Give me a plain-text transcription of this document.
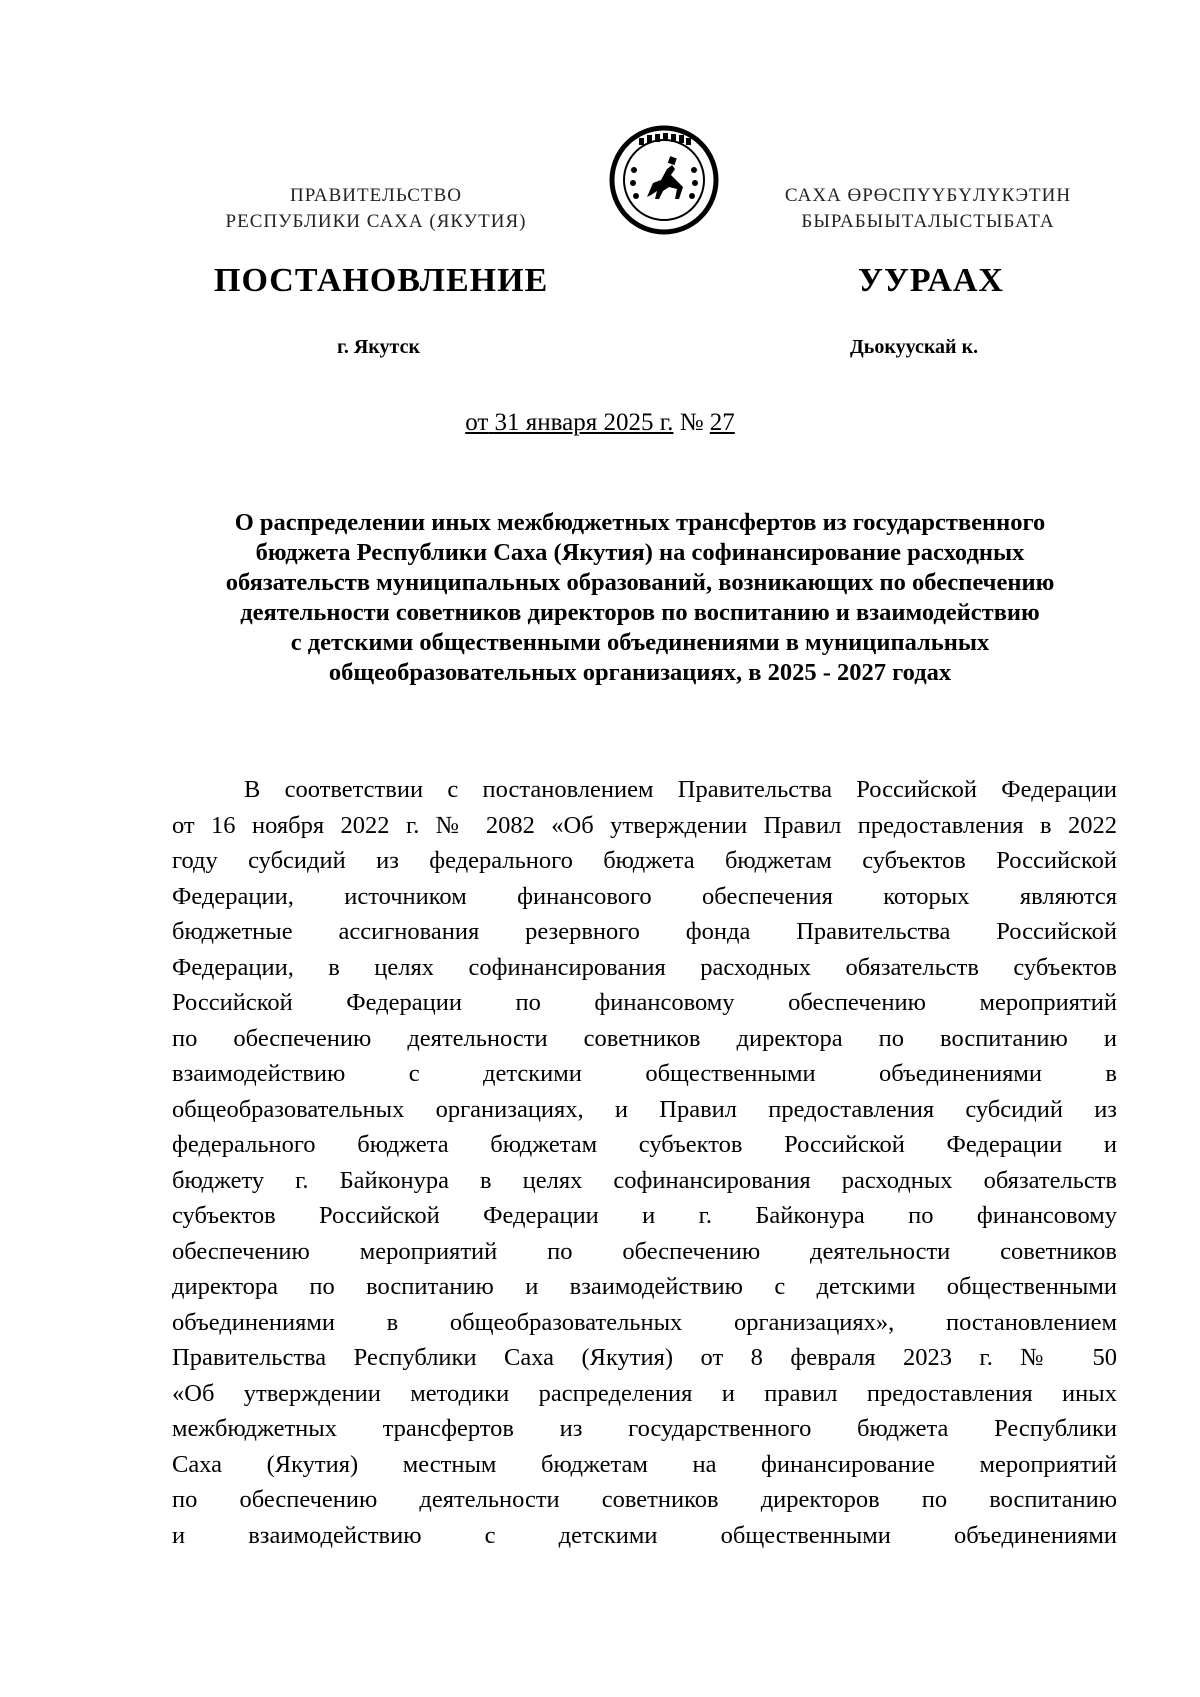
ПРАВИТЕЛЬСТВО
РЕСПУБЛИКИ САХА (ЯКУТИЯ)
САХА ӨРӨСПҮҮБҮЛҮКЭТИН
БЫРАБЫЫТАЛЫСТЫБАТА
ПОСТАНОВЛЕНИЕ	УУРААХ
г. Якутск	Дьокуускай к.
от 31 января 2025 г. № 27
О распределении иных межбюджетных трансфертов из государственного
бюджета Республики Саха (Якутия) на софинансирование расходных
обязательств муниципальных образований, возникающих по обеспечению
деятельности советников директоров по воспитанию и взаимодействию
с детскими общественными объединениями в муниципальных
общеобразовательных организациях, в 2025 - 2027 годах
В соответствии с постановлением Правительства Российской Федерации
от 16 ноября 2022 г. № 2082 «Об утверждении Правил предоставления в 2022
году субсидий из федерального бюджета бюджетам субъектов Российской
Федерации, источником финансового обеспечения которых являются
бюджетные ассигнования резервного фонда Правительства Российской
Федерации, в целях софинансирования расходных обязательств субъектов
Российской Федерации по финансовому обеспечению мероприятий
по обеспечению деятельности советников директора по воспитанию и
взаимодействию с детскими общественными объединениями в
общеобразовательных организациях, и Правил предоставления субсидий из
федерального бюджета бюджетам субъектов Российской Федерации и
бюджету г. Байконура в целях софинансирования расходных обязательств
субъектов Российской Федерации и г. Байконура по финансовому
обеспечению мероприятий по обеспечению деятельности советников
директора по воспитанию и взаимодействию с детскими общественными
объединениями в общеобразовательных организациях», постановлением
Правительства Республики Саха (Якутия) от 8 февраля 2023 г. № 50
«Об утверждении методики распределения и правил предоставления иных
межбюджетных трансфертов из государственного бюджета Республики
Саха (Якутия) местным бюджетам на финансирование мероприятий
по обеспечению деятельности советников директоров по воспитанию
и взаимодействию с детскими общественными объединениями
